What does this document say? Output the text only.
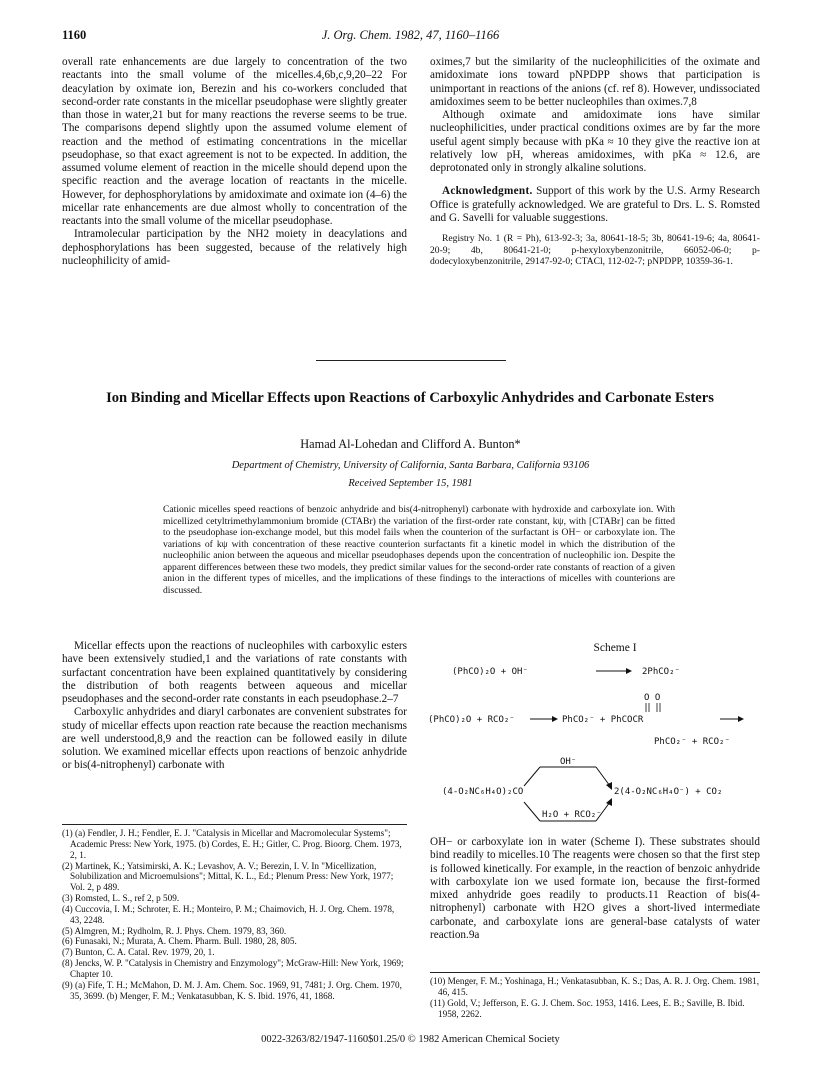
1160	J. Org. Chem. 1982, 47, 1160–1166

overall rate enhancements are due largely to concentration of the two reactants into the small volume of the micelles.4,6b,c,9,20–22 For deacylation by oximate ion, Berezin and his co-workers concluded that second-order rate constants in the micellar pseudophase were slightly greater than those in water,21 but for many reactions the reverse seems to be true. The comparisons depend slightly upon the assumed volume element of reaction and the method of estimating concentrations in the micellar pseudophase, so that exact agreement is not to be expected. In addition, the assumed volume element of reaction in the micelle should depend upon the specific reaction and the average location of reactants in the micelle. However, for dephosphorylations by amidoximate and oximate ion (4–6) the micellar rate enhancements are due almost wholly to concentration of the reactants into the small volume of the micellar pseudophase.

Intramolecular participation by the NH2 moiety in deacylations and dephosphorylations has been suggested, because of the relatively high nucleophilicity of amid-

oximes,7 but the similarity of the nucleophilicities of the oximate and amidoximate ions toward pNPDPP shows that participation is unimportant in reactions of the anions (cf. ref 8). However, undissociated amidoximes seem to be better nucleophiles than oximes.7,8

Although oximate and amidoximate ions have similar nucleophilicities, under practical conditions oximes are by far the more useful agent simply because with pKa ≈ 10 they give the reactive ion at relatively low pH, whereas amidoximes, with pKa ≈ 12.6, are deprotonated only in strongly alkaline solutions.

Acknowledgment. Support of this work by the U.S. Army Research Office is gratefully acknowledged. We are grateful to Drs. L. S. Romsted and G. Savelli for valuable suggestions.

Registry No. 1 (R = Ph), 613-92-3; 3a, 80641-18-5; 3b, 80641-19-6; 4a, 80641-20-9; 4b, 80641-21-0; p-hexyloxybenzonitrile, 66052-06-0; p-dodecyloxybenzonitrile, 29147-92-0; CTACl, 112-02-7; pNPDPP, 10359-36-1.

Ion Binding and Micellar Effects upon Reactions of Carboxylic Anhydrides and Carbonate Esters
Hamad Al-Lohedan and Clifford A. Bunton*
Department of Chemistry, University of California, Santa Barbara, California 93106
Received September 15, 1981
Cationic micelles speed reactions of benzoic anhydride and bis(4-nitrophenyl) carbonate with hydroxide and carboxylate ion. With micellized cetyltrimethylammonium bromide (CTABr) the variation of the first-order rate constant, kψ, with [CTABr] can be fitted to the pseudophase ion-exchange model, but this model fails when the counterion of the surfactant is OH− or carboxylate ion. The variations of kψ with concentration of these reactive counterion surfactants fit a kinetic model in which the distribution of the nucleophilic anion between the aqueous and micellar pseudophases depends upon the concentration of nucleophilic ion. Despite the apparent differences between these two models, they predict similar values for the second-order rate constants of reaction of a given anion in the different types of micelles, and the implications of these findings to the interactions of micelles with counterions are discussed.

Micellar effects upon the reactions of nucleophiles with carboxylic esters have been extensively studied,1 and the variations of rate constants with surfactant concentration have been explained quantitatively by considering the distribution of both reagents between aqueous and micellar pseudophases and the second-order rate constants in each pseudophase.2–7

Carboxylic anhydrides and diaryl carbonates are convenient substrates for study of micellar effects upon reaction rate because the reaction mechanisms are well understood,8,9 and the reaction can be followed easily in dilute solution. We examined micellar effects upon reactions of benzoic anhydride or bis(4-nitrophenyl) carbonate with

(1) (a) Fendler, J. H.; Fendler, E. J. "Catalysis in Micellar and Macromolecular Systems"; Academic Press: New York, 1975. (b) Cordes, E. H.; Gitler, C. Prog. Bioorg. Chem. 1973, 2, 1.

(2) Martinek, K.; Yatsimirski, A. K.; Levashov, A. V.; Berezin, I. V. In "Micellization, Solubilization and Microemulsions"; Mittal, K. L., Ed.; Plenum Press: New York, 1977; Vol. 2, p 489.

(3) Romsted, L. S., ref 2, p 509.

(4) Cuccovia, I. M.; Schroter, E. H.; Monteiro, P. M.; Chaimovich, H. J. Org. Chem. 1978, 43, 2248.

(5) Almgren, M.; Rydholm, R. J. Phys. Chem. 1979, 83, 360.

(6) Funasaki, N.; Murata, A. Chem. Pharm. Bull. 1980, 28, 805.

(7) Bunton, C. A. Catal. Rev. 1979, 20, 1.

(8) Jencks, W. P. "Catalysis in Chemistry and Enzymology"; McGraw-Hill: New York, 1969; Chapter 10.

(9) (a) Fife, T. H.; McMahon, D. M. J. Am. Chem. Soc. 1969, 91, 7481; J. Org. Chem. 1970, 35, 3699. (b) Menger, F. M.; Venkatasubban, K. S. Ibid. 1976, 41, 1868.

Scheme I
(PhCO)₂O + OH⁻	2PhCO₂⁻
O O
(PhCO)₂O + RCO₂⁻	PhCO₂⁻ + PhCOCR
PhCO₂⁻ + RCO₂⁻
OH⁻
(4-O₂NC₆H₄O)₂CO	2(4-O₂NC₆H₄O⁻) + CO₂
H₂O + RCO₂⁻

OH− or carboxylate ion in water (Scheme I). These substrates should bind readily to micelles.10 The reagents were chosen so that the first step is followed kinetically. For example, in the reaction of benzoic anhydride with carboxylate ion we used formate ion, because the first-formed mixed anhydride goes readily to products.11 Reaction of bis(4-nitrophenyl) carbonate with H2O gives a short-lived intermediate carbonate, and carboxylate ions are general-base catalysts of water reaction.9a

(10) Menger, F. M.; Yoshinaga, H.; Venkatasubban, K. S.; Das, A. R. J. Org. Chem. 1981, 46, 415.

(11) Gold, V.; Jefferson, E. G. J. Chem. Soc. 1953, 1416. Lees, E. B.; Saville, B. Ibid. 1958, 2262.

0022-3263/82/1947-1160$01.25/0 © 1982 American Chemical Society
